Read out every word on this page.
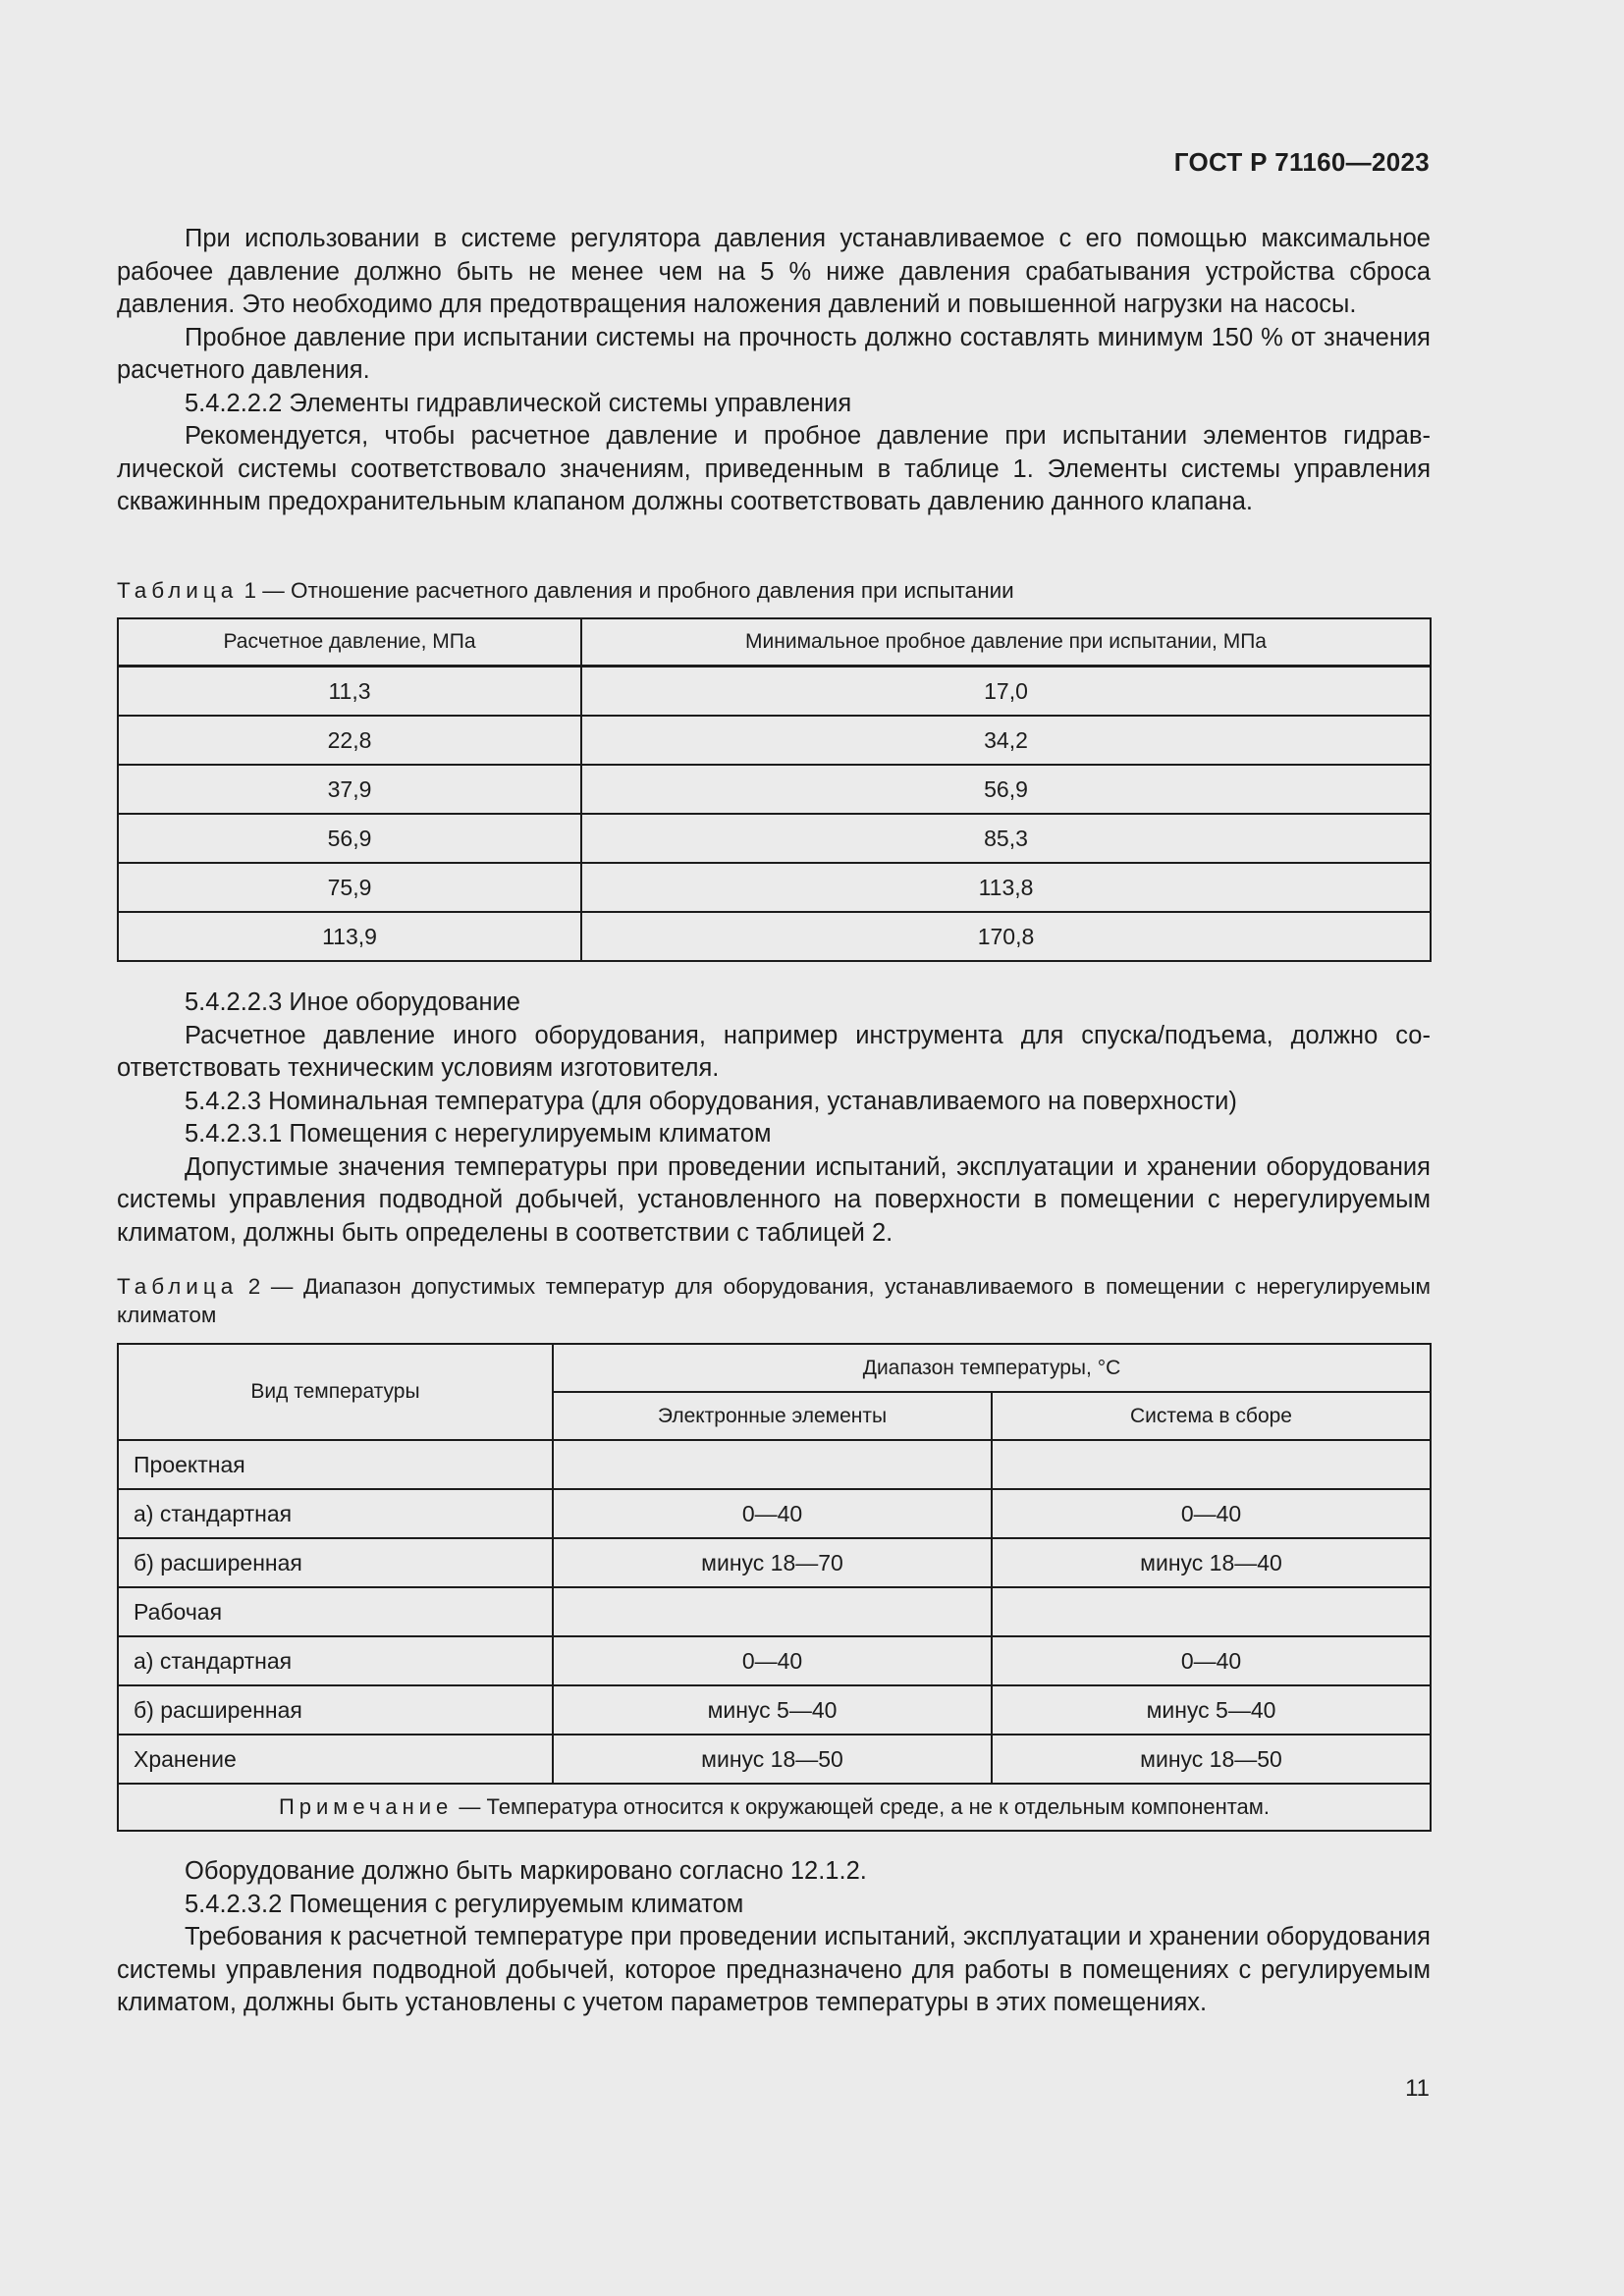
ГОСТ Р 71160—2023

При использовании в системе регулятора давления устанавливаемое с его помощью максимальное рабочее давление должно быть не менее чем на 5 % ниже давления срабатывания устройства сброса давления. Это необходимо для предотвращения наложения давлений и повышенной нагрузки на насосы.

Пробное давление при испытании системы на прочность должно составлять минимум 150 % от значения расчетного давления.

5.4.2.2.2 Элементы гидравлической системы управления

Рекомендуется, чтобы расчетное давление и пробное давление при испытании элементов гидравлической системы соответствовало значениям, приведенным в таблице 1. Элементы системы управления скважинным предохранительным клапаном должны соответствовать давлению данного клапана.

Таблица 1 — Отношение расчетного давления и пробного давления при испытании
Расчетное давление, МПа	Минимальное пробное давление при испытании, МПа
11,3	17,0
22,8	34,2
37,9	56,9
56,9	85,3
75,9	113,8
113,9	170,8

5.4.2.2.3 Иное оборудование

Расчетное давление иного оборудования, например инструмента для спуска/подъема, должно соответствовать техническим условиям изготовителя.

5.4.2.3 Номинальная температура (для оборудования, устанавливаемого на поверхности)

5.4.2.3.1 Помещения с нерегулируемым климатом

Допустимые значения температуры при проведении испытаний, эксплуатации и хранении оборудования системы управления подводной добычей, установленного на поверхности в помещении с нерегулируемым климатом, должны быть определены в соответствии с таблицей 2.

Таблица 2 — Диапазон допустимых температур для оборудования, устанавливаемого в помещении с нерегулируемым климатом
Вид температуры	Диапазон температуры, °С	
	Электронные элементы	Система в сборе
Проектная		
а) стандартная	0—40	0—40
б) расширенная	минус 18—70	минус 18—40
Рабочая		
а) стандартная	0—40	0—40
б) расширенная	минус 5—40	минус 5—40
Хранение	минус 18—50	минус 18—50
Примечание — Температура относится к окружающей среде, а не к отдельным компонентам.		

Оборудование должно быть маркировано согласно 12.1.2.

5.4.2.3.2 Помещения с регулируемым климатом

Требования к расчетной температуре при проведении испытаний, эксплуатации и хранении оборудования системы управления подводной добычей, которое предназначено для работы в помещениях с регулируемым климатом, должны быть установлены с учетом параметров температуры в этих помещениях.

11
